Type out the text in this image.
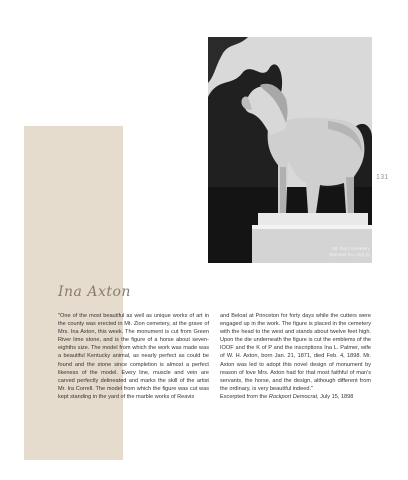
Mt. Zion Cemetery
Spencer Co. (ed) (I)
131
Ina Axton

"One of the most beautiful as well as unique works of art in the county was erected in Mt. Zion cemetery, at the grave of Mrs. Ina Axton, this week. The monument is cut from Green River lime stone, and is the figure of a horse about seven-eighths size. The model from which the work was made was a beautiful Kentucky animal, as nearly perfect as could be found and the stone since completion is almost a perfect likeness of the model. Every line, muscle and vein are carved perfectly delineated and marks the skill of the artist Mr. Ira Correll. The model from which the figure was cut was kept standing in the yard of the marble works of Reavis

and Beloat at Princeton for forty days while the cutters were engaged up in the work. The figure is placed in the cemetery with the head to the west and stands about twelve feet high. Upon the die underneath the figure is cut the emblems of the IOOF and the K of P and the inscriptions Ina L. Palmer, wife of W. H. Axton, born Jan. 21, 1871, died Feb. 4, 1898. Mr. Axton was led to adopt this novel design of monument by reason of love Mrs. Axton had for that most faithful of man's servants, the horse, and the design, although different from the ordinary, is very beautiful indeed."

Excerpted from the Rockport Democrat, July 15, 1898
